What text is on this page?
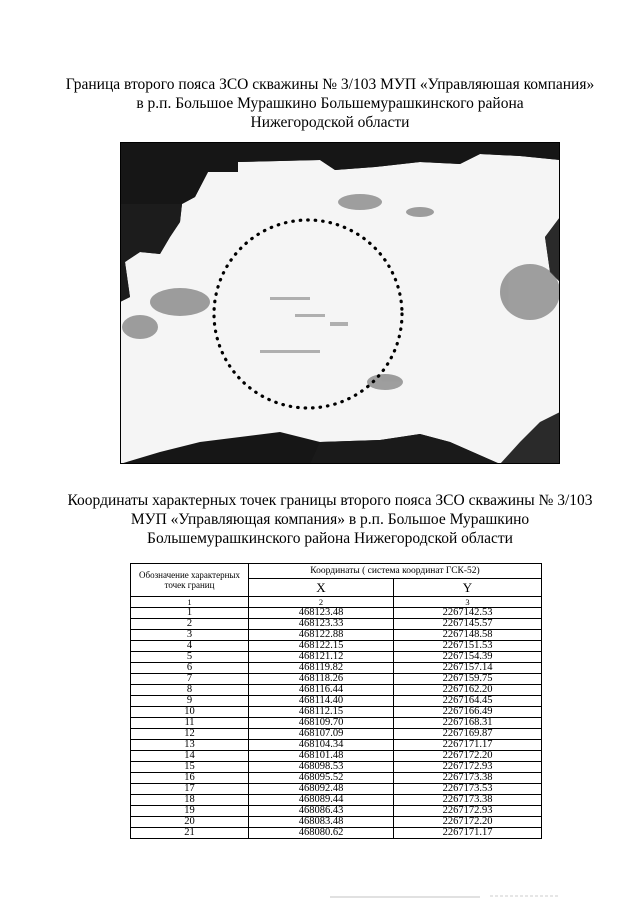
Граница второго пояса ЗСО скважины № 3/103 МУП «Управляюшая компания»
в р.п. Большое Мурашкино Большемурашкинского района
Нижегородской области
Координаты характерных точек границы второго пояса ЗСО скважины № 3/103
МУП «Управляющая компания» в р.п. Большое Мурашкино
Большемурашкинского района Нижегородской области
Обозначение характерных точек границ	Координаты ( система координат ГСК-52)	
	X	Y
1	2	3
1	468123.48	2267142.53
2	468123.33	2267145.57
3	468122.88	2267148.58
4	468122.15	2267151.53
5	468121.12	2267154.39
6	468119.82	2267157.14
7	468118.26	2267159.75
8	468116.44	2267162.20
9	468114.40	2267164.45
10	468112.15	2267166.49
11	468109.70	2267168.31
12	468107.09	2267169.87
13	468104.34	2267171.17
14	468101.48	2267172.20
15	468098.53	2267172.93
16	468095.52	2267173.38
17	468092.48	2267173.53
18	468089.44	2267173.38
19	468086.43	2267172.93
20	468083.48	2267172.20
21	468080.62	2267171.17
